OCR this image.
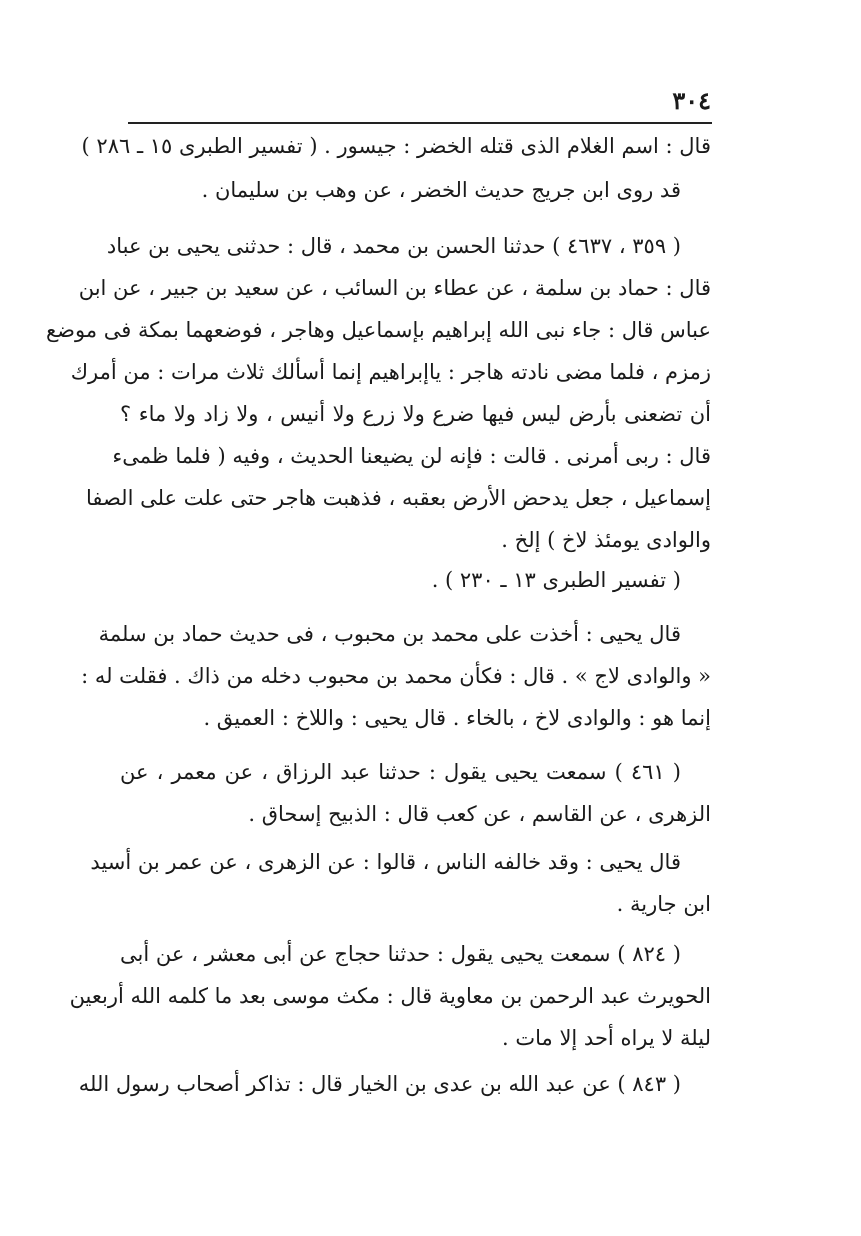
٣٠٤
قال : اسم الغلام الذى قتله الخضر : جيسور . ( تفسير الطبرى ١٥ ـ ٢٨٦ )
قد روى ابن جريج حديث الخضر ، عن وهب بن سليمان .
( ٣٥٩ ، ٤٦٣٧ ) حدثنا الحسن بن محمد ، قال : حدثنى يحيى بن عباد
قال : حماد بن سلمة ، عن عطاء بن السائب ، عن سعيد بن جبير ، عن ابن
عباس قال : جاء نبى الله إبراهيم بإسماعيل وهاجر ، فوضعهما بمكة فى موضع
زمزم ، فلما مضى نادته هاجر : ياإبراهيم إنما أسألك ثلاث مرات : من أمرك
أن تضعنى بأرض ليس فيها ضرع ولا زرع ولا أنيس ، ولا زاد ولا ماء ؟
قال : ربى أمرنى . قالت : فإنه لن يضيعنا الحديث ، وفيه ( فلما ظمىء
إسماعيل ، جعل يدحض الأرض بعقبه ، فذهبت هاجر حتى علت على الصفا
والوادى يومئذ لاخ ) إلخ .
( تفسير الطبرى ١٣ ـ ٢٣٠ ) .
قال يحيى : أخذت على محمد بن محبوب ، فى حديث حماد بن سلمة
« والوادى لاج » . قال : فكأن محمد بن محبوب دخله من ذاك . فقلت له :
إنما هو : والوادى لاخ ، بالخاء . قال يحيى : واللاخ : العميق .
( ٤٦١ ) سمعت يحيى يقول : حدثنا عبد الرزاق ، عن معمر ، عن
الزهرى ، عن القاسم ، عن كعب قال : الذبيح إسحاق .
قال يحيى : وقد خالفه الناس ، قالوا : عن الزهرى ، عن عمر بن أسيد
ابن جارية .
( ٨٢٤ ) سمعت يحيى يقول : حدثنا حجاج عن أبى معشر ، عن أبى
الحويرث عبد الرحمن بن معاوية قال : مكث موسى بعد ما كلمه الله أربعين
ليلة لا يراه أحد إلا مات .
( ٨٤٣ ) عن عبد الله بن عدى بن الخيار قال : تذاكر أصحاب رسول الله
